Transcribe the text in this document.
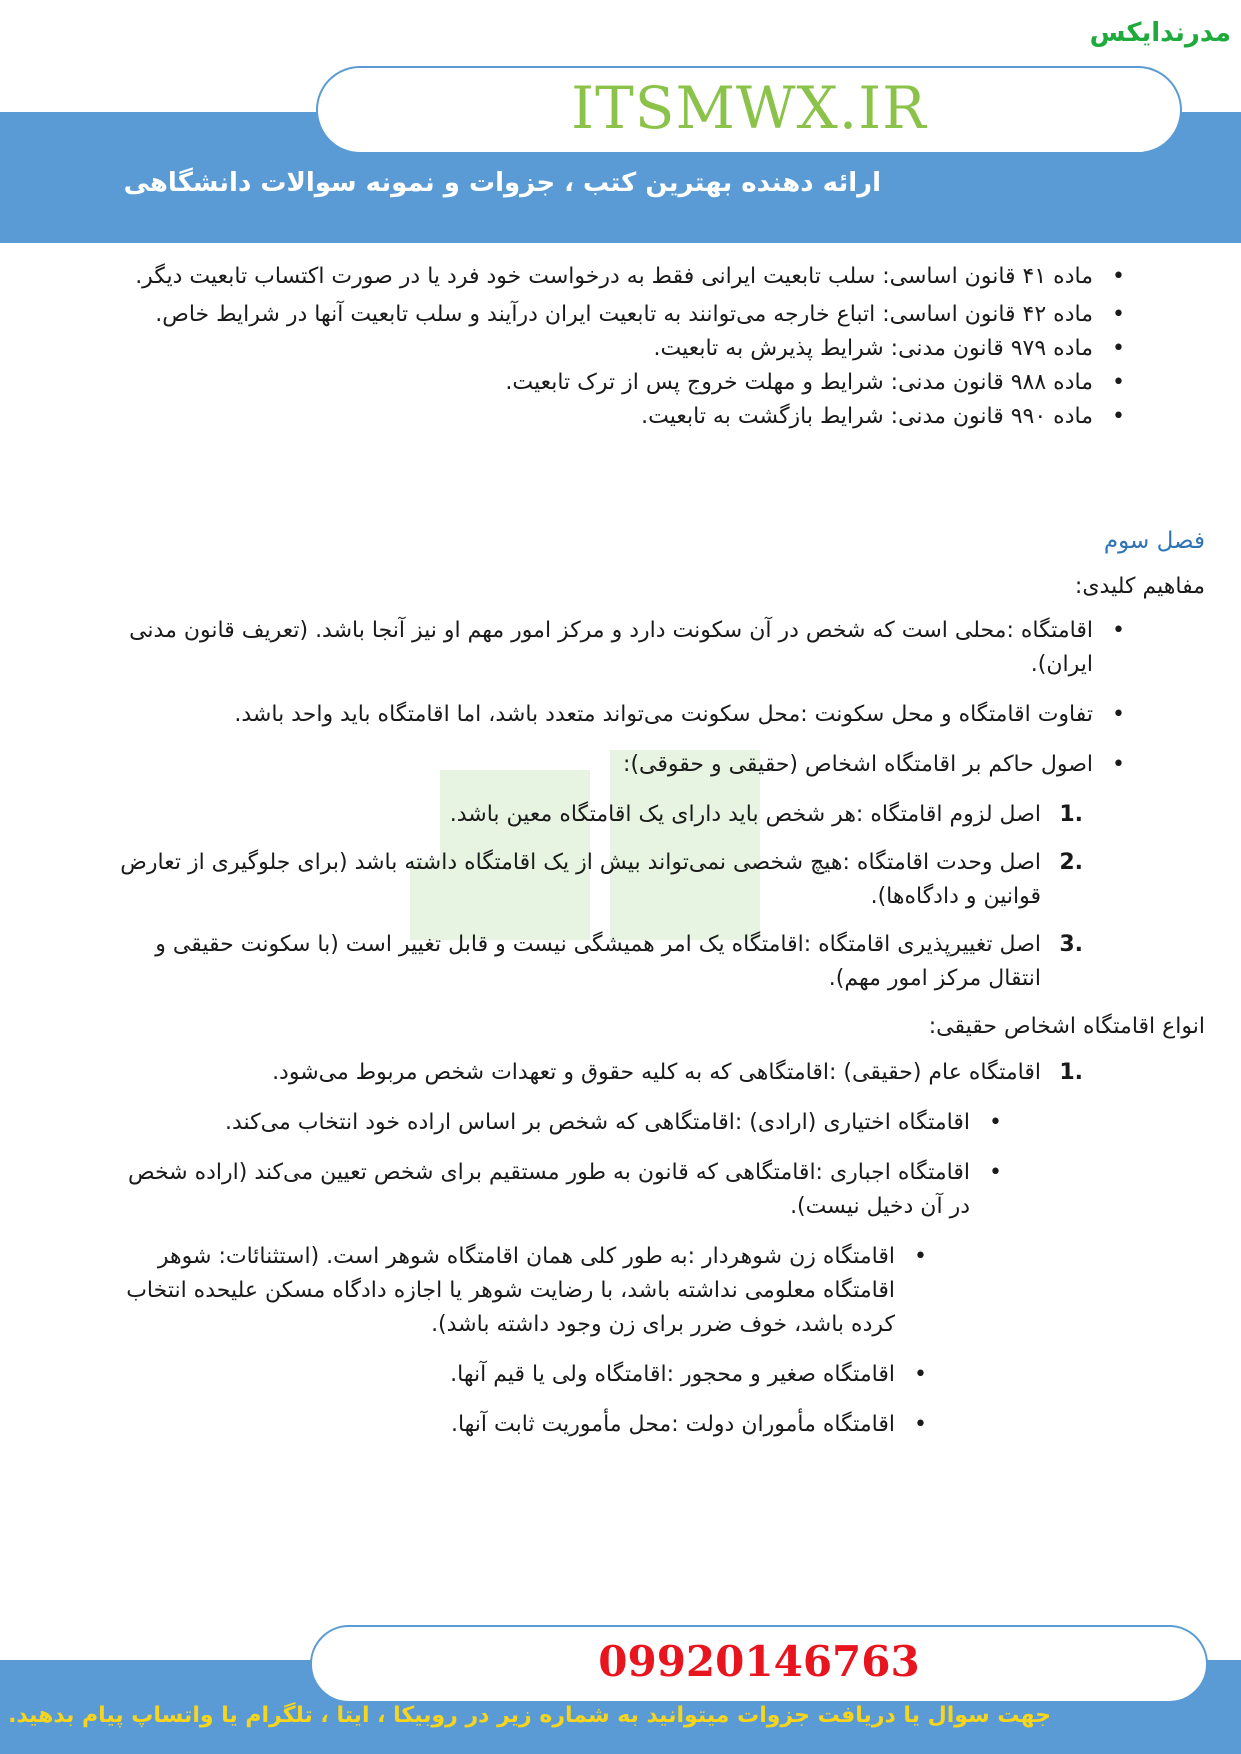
مدرندایکس
ITSMWX.IR
ارائه دهنده بهترین کتب ، جزوات و نمونه سوالات دانشگاهی
• ماده ۴۱ قانون اساسی: سلب تابعیت ایرانی فقط به درخواست خود فرد یا در صورت اکتساب تابعیت دیگر.
• ماده ۴۲ قانون اساسی: اتباع خارجه می‌توانند به تابعیت ایران درآیند و سلب تابعیت آنها در شرایط خاص.
• ماده ۹۷۹ قانون مدنی: شرایط پذیرش به تابعیت.
• ماده ۹۸۸ قانون مدنی: شرایط و مهلت خروج پس از ترک تابعیت.
• ماده ۹۹۰ قانون مدنی: شرایط بازگشت به تابعیت.

فصل سوم

مفاهیم کلیدی:

• اقامتگاه :محلی است که شخص در آن سکونت دارد و مرکز امور مهم او نیز آنجا باشد. (تعریف قانون مدنی ایران).
• تفاوت اقامتگاه و محل سکونت :محل سکونت می‌تواند متعدد باشد، اما اقامتگاه باید واحد باشد.
• اصول حاکم بر اقامتگاه اشخاص (حقیقی و حقوقی):
1.
اصل لزوم اقامتگاه :هر شخص باید دارای یک اقامتگاه معین باشد.
2.
اصل وحدت اقامتگاه :هیچ شخصی نمی‌تواند بیش از یک اقامتگاه داشته باشد (برای جلوگیری از تعارض قوانین و دادگاه‌ها).
3.
اصل تغییرپذیری اقامتگاه :اقامتگاه یک امر همیشگی نیست و قابل تغییر است (با سکونت حقیقی و انتقال مرکز امور مهم).

انواع اقامتگاه اشخاص حقیقی:

1.
اقامتگاه عام (حقیقی) :اقامتگاهی که به کلیه حقوق و تعهدات شخص مربوط می‌شود.
• اقامتگاه اختیاری (ارادی) :اقامتگاهی که شخص بر اساس اراده خود انتخاب می‌کند.
• اقامتگاه اجباری :اقامتگاهی که قانون به طور مستقیم برای شخص تعیین می‌کند (اراده شخص در آن دخیل نیست).
• اقامتگاه زن شوهردار :به طور کلی همان اقامتگاه شوهر است. (استثنائات: شوهر اقامتگاه معلومی نداشته باشد، با رضایت شوهر یا اجازه دادگاه مسکن علیحده انتخاب کرده باشد، خوف ضرر برای زن وجود داشته باشد).
• اقامتگاه صغیر و محجور :اقامتگاه ولی یا قیم آنها.
• اقامتگاه مأموران دولت :محل مأموریت ثابت آنها.
09920146763
جهت سوال یا دریافت جزوات میتوانید به شماره زیر در روبیکا ، ایتا ، تلگرام یا واتساپ پیام بدهید.
